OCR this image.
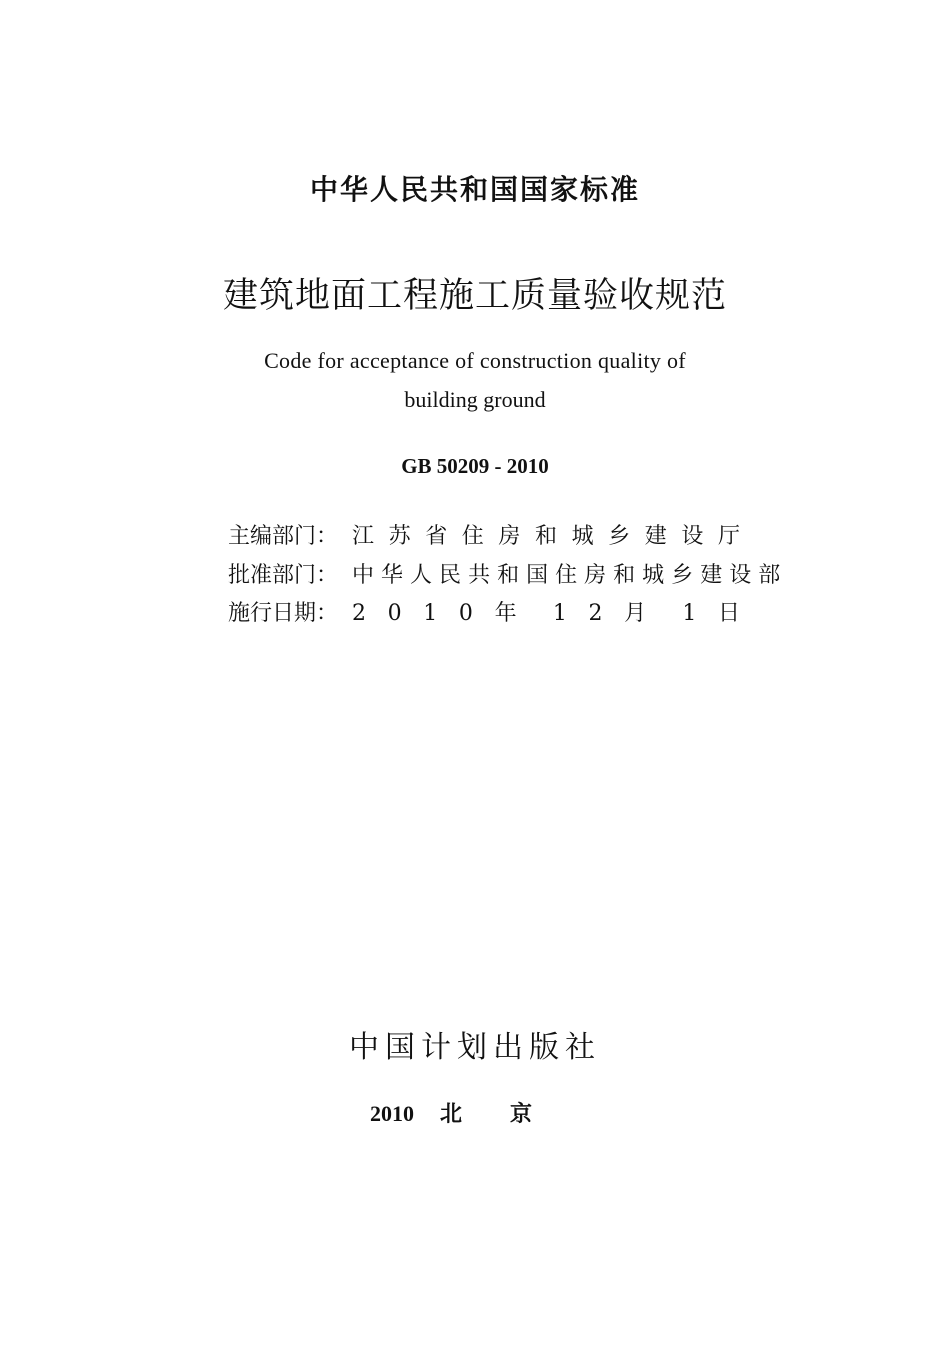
中华人民共和国国家标准
建筑地面工程施工质量验收规范
Code for acceptance of construction quality of
building ground
GB 50209 - 2010
主编部门： 江 苏 省 住 房 和 城 乡 建 设 厅
批准部门： 中 华 人 民 共 和 国 住 房 和 城 乡 建 设 部
施行日期： 2 0 1 0 年 1 2 月 1 日
中国计划出版社
2010 北京
